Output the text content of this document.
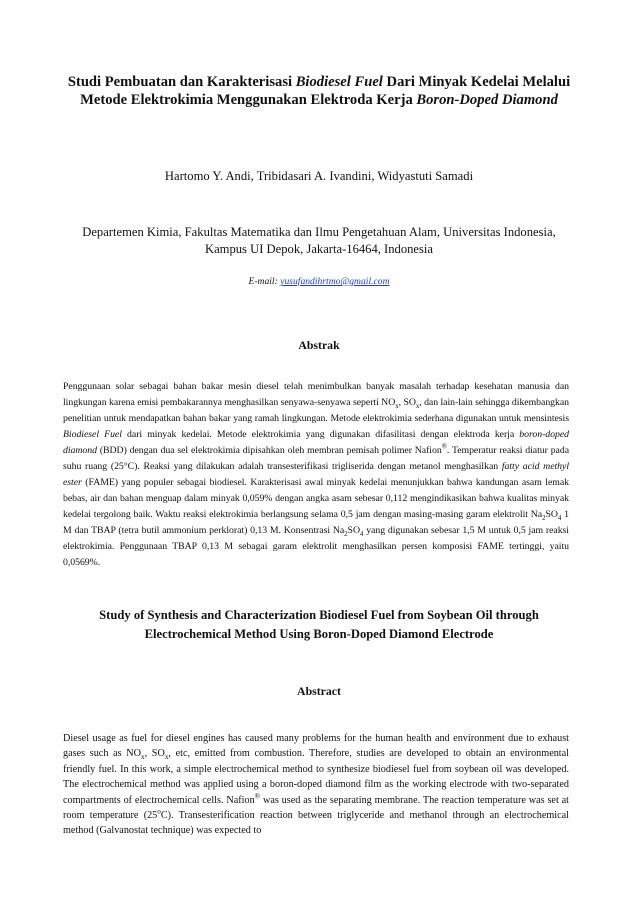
Studi Pembuatan dan Karakterisasi Biodiesel Fuel Dari Minyak Kedelai Melalui Metode Elektrokimia Menggunakan Elektroda Kerja Boron-Doped Diamond
Hartomo Y. Andi, Tribidasari A. Ivandini, Widyastuti Samadi
Departemen Kimia, Fakultas Matematika dan Ilmu Pengetahuan Alam, Universitas Indonesia,
Kampus UI Depok, Jakarta-16464, Indonesia
E-mail: yusufandihrtmo@gmail.com
Abstrak

Penggunaan solar sebagai bahan bakar mesin diesel telah menimbulkan banyak masalah terhadap kesehatan manusia dan lingkungan karena emisi pembakarannya menghasilkan senyawa-senyawa seperti $NO_x$, $SO_x$, dan lain-lain sehingga dikembangkan penelitian untuk mendapatkan bahan bakar yang ramah lingkungan. Metode elektrokimia sederhana digunakan untuk mensintesis Biodiesel Fuel dari minyak kedelai. Metode elektrokimia yang digunakan difasilitasi dengan elektroda kerja boron-doped diamond (BDD) dengan dua sel elektrokimia dipisahkan oleh membran pemisah polimer Nafion®. Temperatur reaksi diatur pada suhu ruang (25°C). Reaksi yang dilakukan adalah transesterifikasi trigliserida dengan metanol menghasilkan fatty acid methyl ester (FAME) yang populer sebagai biodiesel. Karakterisasi awal minyak kedelai menunjukkan bahwa kandungan asam lemak bebas, air dan bahan menguap dalam minyak 0,059% dengan angka asam sebesar 0,112 mengindikasikan bahwa kualitas minyak kedelai tergolong baik. Waktu reaksi elektrokimia berlangsung selama 0,5 jam dengan masing-masing garam elektrolit $Na_2SO_4$ 1 M dan TBAP (tetra butil ammonium perklorat) 0,13 M. Konsentrasi $Na_2SO_4$ yang digunakan sebesar 1,5 M untuk 0,5 jam reaksi elektrokimia. Penggunaan TBAP 0,13 M sebagai garam elektrolit menghasilkan persen komposisi FAME tertinggi, yaitu 0,0569%.

Study of Synthesis and Characterization Biodiesel Fuel from Soybean Oil through Electrochemical Method Using Boron-Doped Diamond Electrode
Abstract

Diesel usage as fuel for diesel engines has caused many problems for the human health and environment due to exhaust gases such as $NO_x$, $SO_x$, etc, emitted from combustion. Therefore, studies are developed to obtain an environmental friendly fuel. In this work, a simple electrochemical method to synthesize biodiesel fuel from soybean oil was developed. The electrochemical method was applied using a boron-doped diamond film as the working electrode with two-separated compartments of electrochemical cells. Nafion® was used as the separating membrane. The reaction temperature was set at room temperature (25$^o$C). Transesterification reaction between triglyceride and methanol through an electrochemical method (Galvanostat technique) was expected to
